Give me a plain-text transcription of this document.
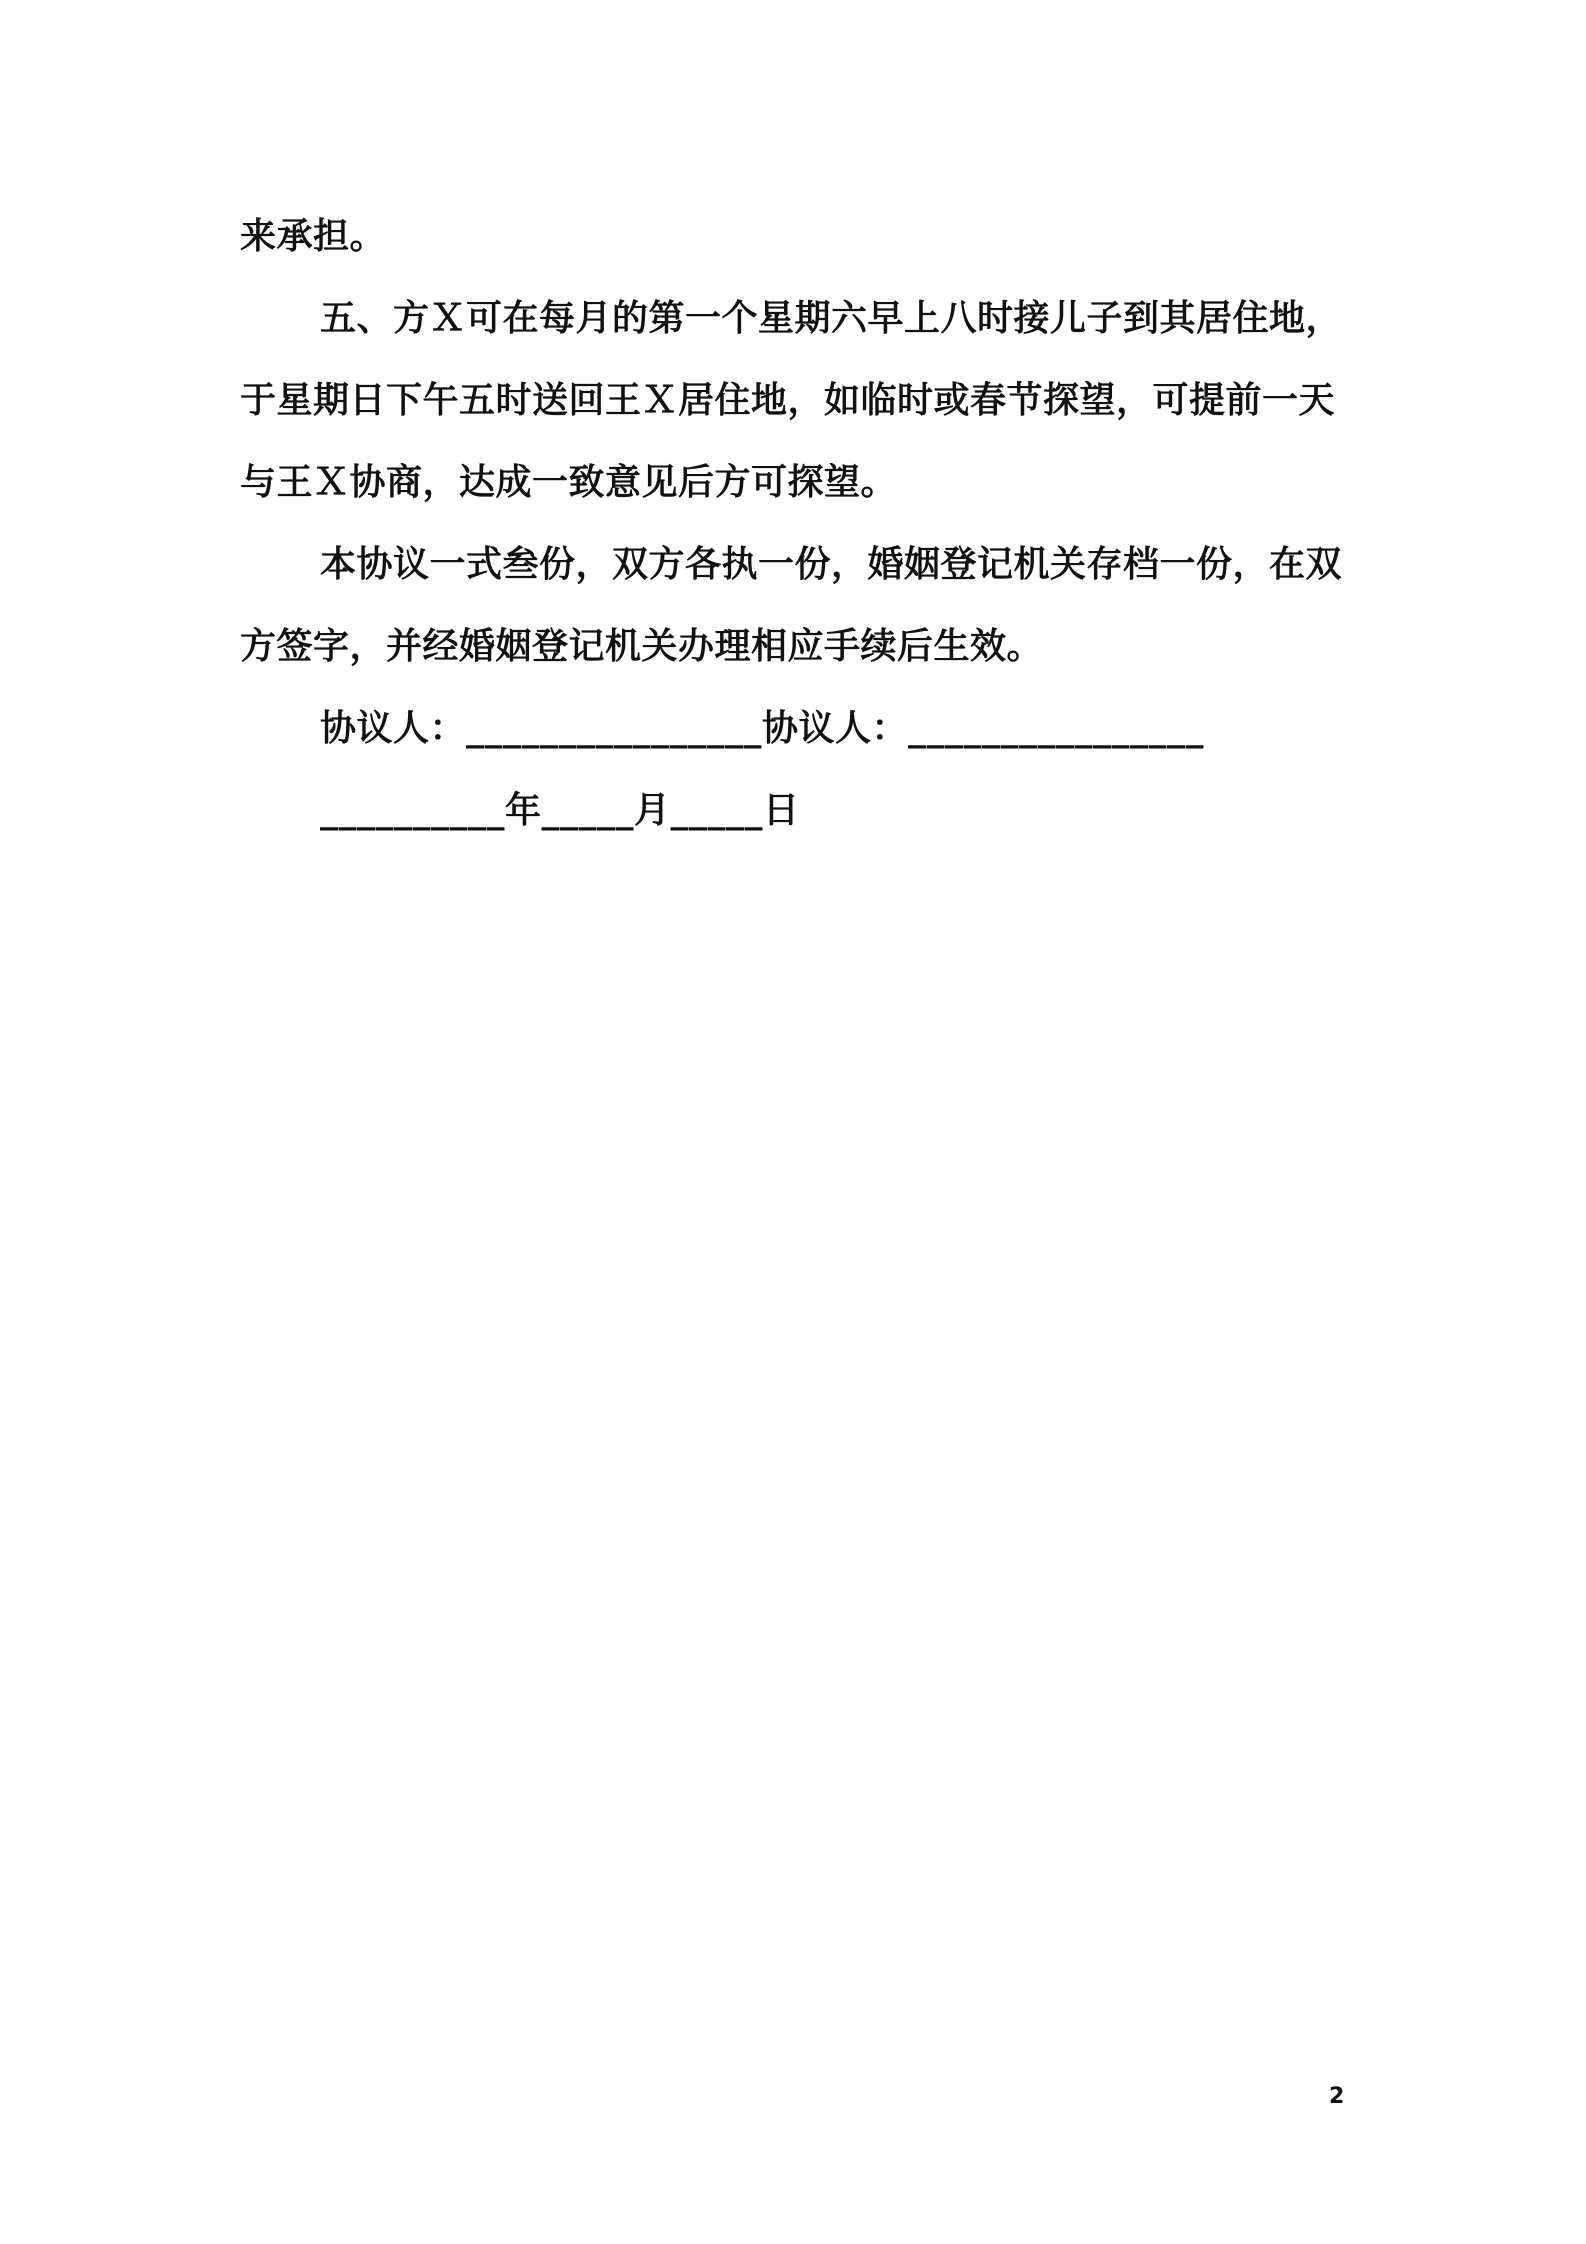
来承担。

五、方Ｘ可在每月的第一个星期六早上八时接儿子到其居住地，于星期日下午五时送回王Ｘ居住地，如临时或春节探望，可提前一天与王Ｘ协商，达成一致意见后方可探望。

本协议一式叁份，双方各执一份，婚姻登记机关存档一份，在双方签字，并经婚姻登记机关办理相应手续后生效。

协议人：________________协议人：________________

__________年_____月_____日

2
